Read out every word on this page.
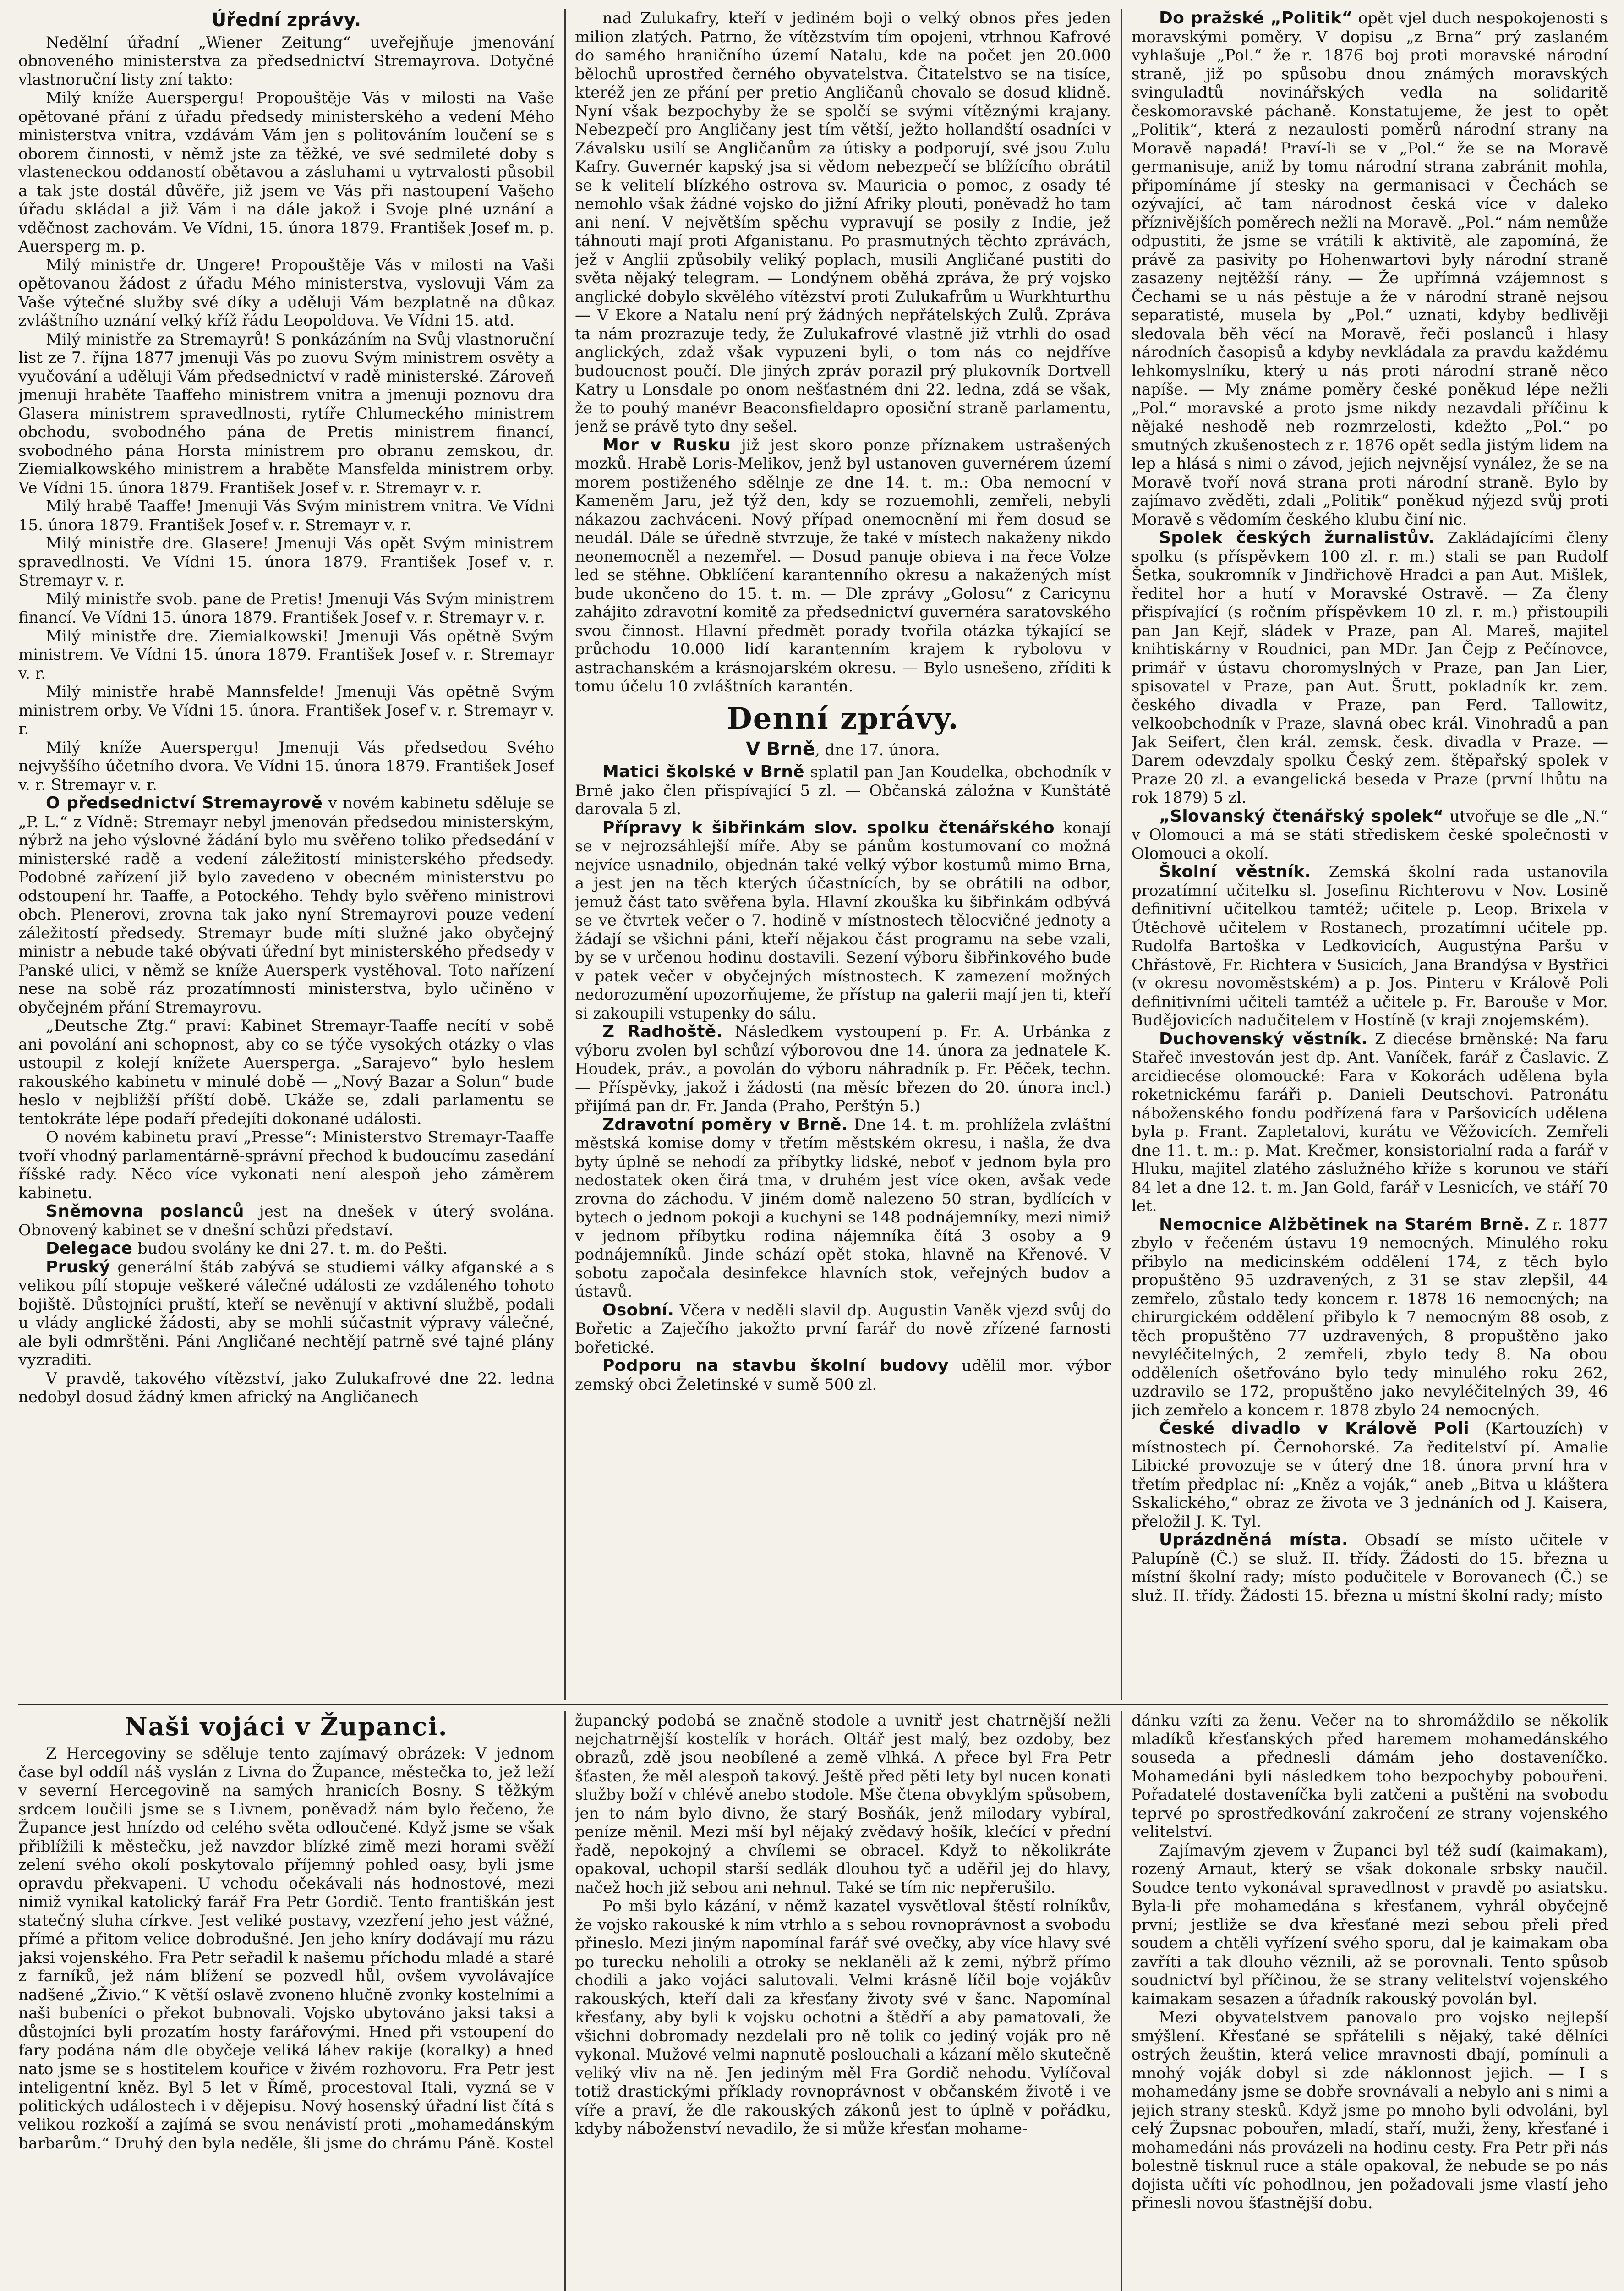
Úřední zprávy.

Nedělní úřadní „Wiener Zeitung“ uveřejňuje jmenování obnoveného ministerstva za předsednictví Stremayrova. Dotyčné vlastnoruční listy zní takto:

Milý kníže Auerspergu! Propouštěje Vás v milosti na Vaše opětované přání z úřadu předsedy ministerského a vedení Mého ministerstva vnitra, vzdávám Vám jen s politováním loučení se s oborem činnosti, v němž jste za těžké, ve své sedmileté doby s vlasteneckou oddaností obětavou a zásluhami u vytrvalosti působil a tak jste dostál důvěře, již jsem ve Vás při nastoupení Vašeho úřadu skládal a již Vám i na dále jakož i Svoje plné uznání a vděčnost zachovám. Ve Vídni, 15. února 1879. František Josef m. p. Auersperg m. p.

Milý ministře dr. Ungere! Propouštěje Vás v milosti na Vaši opětovanou žádost z úřadu Mého ministerstva, vyslovuji Vám za Vaše výtečné služby své díky a uděluji Vám bezplatně na důkaz zvláštního uznání velký kříž řádu Leopoldova. Ve Vídni 15. atd.

Milý ministře za Stremayrů! S ponkázáním na Svůj vlastnoruční list ze 7. října 1877 jmenuji Vás po zuovu Svým ministrem osvěty a vyučování a uděluji Vám předsednictví v radě ministerské. Zároveň jmenuji hraběte Taaffeho ministrem vnitra a jmenuji poznovu dra Glasera ministrem spravedlnosti, rytíře Chlumeckého ministrem obchodu, svobodného pána de Pretis ministrem financí, svobodného pána Horsta ministrem pro obranu zemskou, dr. Ziemialkowského ministrem a hraběte Mansfelda ministrem orby. Ve Vídni 15. února 1879. František Josef v. r. Stremayr v. r.

Milý hrabě Taaffe! Jmenuji Vás Svým ministrem vnitra. Ve Vídni 15. února 1879. František Josef v. r. Stremayr v. r.

Milý ministře dre. Glasere! Jmenuji Vás opět Svým ministrem spravedlnosti. Ve Vídni 15. února 1879. František Josef v. r. Stremayr v. r.

Milý ministře svob. pane de Pretis! Jmenuji Vás Svým ministrem financí. Ve Vídni 15. února 1879. František Josef v. r. Stremayr v. r.

Milý ministře dre. Ziemialkowski! Jmenuji Vás opětně Svým ministrem. Ve Vídni 15. února 1879. František Josef v. r. Stremayr v. r.

Milý ministře hrabě Mannsfelde! Jmenuji Vás opětně Svým ministrem orby. Ve Vídni 15. února. František Josef v. r. Stremayr v. r.

Milý kníže Auerspergu! Jmenuji Vás předsedou Svého nejvyššího účetního dvora. Ve Vídni 15. února 1879. František Josef v. r. Stremayr v. r.

O předsednictví Stremayrově v novém kabinetu sděluje se „P. L.“ z Vídně: Stremayr nebyl jmenován předsedou ministerským, nýbrž na jeho výslovné žádání bylo mu svěřeno toliko předsedání v ministerské radě a vedení záležitostí ministerského předsedy. Podobné zařízení již bylo zavedeno v obecném ministerstvu po odstoupení hr. Taaffe, a Potockého. Tehdy bylo svěřeno ministrovi obch. Plenerovi, zrovna tak jako nyní Stremayrovi pouze vedení záležitostí předsedy. Stremayr bude míti služné jako obyčejný ministr a nebude také obývati úřední byt ministerského předsedy v Panské ulici, v němž se kníže Auersperk vystěhoval. Toto nařízení nese na sobě ráz prozatímnosti ministerstva, bylo učiněno v obyčejném přání Stremayrovu.

„Deutsche Ztg.“ praví: Kabinet Stremayr-Taaffe necítí v sobě ani povolání ani schopnost, aby co se týče vysokých otázky o vlas ustoupil z kolejí knížete Auersperga. „Sarajevo“ bylo heslem rakouského kabinetu v minulé době — „Nový Bazar a Solun“ bude heslo v nejbližší příští době. Ukáže se, zdali parlamentu se tentokráte lépe podaří předejíti dokonané události.

O novém kabinetu praví „Presse“: Ministerstvo Stremayr-Taaffe tvoří vhodný parlamentárně-správní přechod k budoucímu zasedání říšské rady. Něco více vykonati není alespoň jeho záměrem kabinetu.

Sněmovna poslanců jest na dnešek v úterý svolána. Obnovený kabinet se v dnešní schůzi představí.

Delegace budou svolány ke dni 27. t. m. do Pešti.

Pruský generální štáb zabývá se studiemi války afganské a s velikou pílí stopuje veškeré válečné události ze vzdáleného tohoto bojiště. Důstojníci pruští, kteří se nevěnují v aktivní službě, podali u vlády anglické žádosti, aby se mohli súčastnit výpravy válečné, ale byli odmrštěni. Páni Angličané nechtějí patrně své tajné plány vyzraditi.

V pravdě, takového vítězství, jako Zulukafrové dne 22. ledna nedobyl dosud žádný kmen africký na Angličanech

nad Zulukafry, kteří v jediném boji o velký obnos přes jeden milion zlatých. Patrno, že vítězstvím tím opojeni, vtrhnou Kafrové do samého hraničního území Natalu, kde na počet jen 20.000 bělochů uprostřed černého obyvatelstva. Čitatelstvo se na tisíce, kteréž jen ze přání per pretio Angličanů chovalo se dosud klidně. Nyní však bezpochyby že se spolčí se svými vítěznými krajany. Nebezpečí pro Angličany jest tím větší, ježto hollandští osadníci v Závalsku usilí se Angličanům za útisky a podporují, své jsou Zulu Kafry. Guvernér kapský jsa si vědom nebezpečí se blížícího obrátil se k velitelí blízkého ostrova sv. Mauricia o pomoc, z osady té nemohlo však žádné vojsko do jižní Afriky plouti, poněvadž ho tam ani není. V největším spěchu vypravují se posily z Indie, jež táhnouti mají proti Afganistanu. Po prasmutných těchto zprávách, jež v Anglii způsobily veliký poplach, musili Angličané pustiti do světa nějaký telegram. — Londýnem oběhá zpráva, že prý vojsko anglické dobylo skvělého vítězství proti Zulukafrům u Wurkhturthu — V Ekore a Natalu není prý žádných nepřátelských Zulů. Zpráva ta nám prozrazuje tedy, že Zulukafrové vlastně již vtrhli do osad anglických, zdaž však vypuzeni byli, o tom nás co nejdříve budoucnost poučí. Dle jiných zpráv porazil prý plukovník Dortvell Katry u Lonsdale po onom nešťastném dni 22. ledna, zdá se však, že to pouhý manévr Beaconsfieldapro oposiční straně parlamentu, jenž se právě tyto dny sešel.

Mor v Rusku již jest skoro ponze příznakem ustrašených mozků. Hrabě Loris-Melikov, jenž byl ustanoven guvernérem území morem postiženého sdělnje ze dne 14. t. m.: Oba nemocní v Kameněm Jaru, jež týž den, kdy se rozuemohli, zemřeli, nebyli nákazou zachváceni. Nový případ onemocnění mi řem dosud se neudál. Dále se úředně stvrzuje, že také v místech nakaženy nikdo neonemocněl a nezemřel. — Dosud panuje obieva i na řece Volze led se stěhne. Obklíčení karantenního okresu a nakažených míst bude ukončeno do 15. t. m. — Dle zprávy „Golosu“ z Caricynu zahájito zdravotní komitě za předsednictví guvernéra saratovského svou činnost. Hlavní předmět porady tvořila otázka týkající se průchodu 10.000 lidí karantenním krajem k rybolovu v astrachanském a krásnojarském okresu. — Bylo usnešeno, zříditi k tomu účelu 10 zvláštních karantén.

Denní zprávy.
V Brně, dne 17. února.

Matici školské v Brně splatil pan Jan Koudelka, obchodník v Brně jako člen přispívající 5 zl. — Občanská záložna v Kunštátě darovala 5 zl.

Přípravy k šibřinkám slov. spolku čtenářského konají se v nejrozsáhlejší míře. Aby se pánům kostumovaní co možná nejvíce usnadnilo, objednán také velký výbor kostumů mimo Brna, a jest jen na těch kterých účastnících, by se obrátili na odbor, jemuž část tato svěřena byla. Hlavní zkouška ku šibřinkám odbývá se ve čtvrtek večer o 7. hodině v místnostech tělocvičné jednoty a žádají se všichni páni, kteří nějakou část programu na sebe vzali, by se v určenou hodinu dostavili. Sezení výboru šibřinkového bude v patek večer v obyčejných místnostech. K zamezení možných nedorozumění upozorňujeme, že přístup na galerii mají jen ti, kteří si zakoupili vstupenky do sálu.

Z Radhoště. Následkem vystoupení p. Fr. A. Urbánka z výboru zvolen byl schůzí výborovou dne 14. února za jednatele K. Houdek, práv., a povolán do výboru náhradník p. Fr. Pěček, techn. — Příspěvky, jakož i žádosti (na měsíc březen do 20. února incl.) přijímá pan dr. Fr. Janda (Praho, Perštýn 5.)

Zdravotní poměry v Brně. Dne 14. t. m. prohlížela zvláštní městská komise domy v třetím městském okresu, i našla, že dva byty úplně se nehodí za příbytky lidské, neboť v jednom byla pro nedostatek oken čirá tma, v druhém jest více oken, avšak vede zrovna do záchodu. V jiném domě nalezeno 50 stran, bydlících v bytech o jednom pokoji a kuchyni se 148 podnájemníky, mezi nimiž v jednom příbytku rodina nájemníka čítá 3 osoby a 9 podnájemníků. Jinde schází opět stoka, hlavně na Křenové. V sobotu započala desinfekce hlavních stok, veřejných budov a ústavů.

Osobní. Včera v neděli slavil dp. Augustin Vaněk vjezd svůj do Bořetic a Zaječího jakožto první farář do nově zřízené farnosti bořetické.

Podporu na stavbu školní budovy udělil mor. výbor zemský obci Želetinské v sumě 500 zl.

Do pražské „Politik“ opět vjel duch nespokojenosti s moravskými poměry. V dopisu „z Brna“ prý zaslaném vyhlašuje „Pol.“ že r. 1876 boj proti moravské národní straně, již po spůsobu dnou známých moravských svinguladtů novinářských vedla na solidaritě českomoravské páchaně. Konstatujeme, že jest to opět „Politik“, která z nezaulosti poměrů národní strany na Moravě napadá! Praví-li se v „Pol.“ že se na Moravě germanisuje, aniž by tomu národní strana zabránit mohla, připomínáme jí stesky na germanisaci v Čechách se ozývající, ač tam národnost česká více v daleko příznivějších poměrech nežli na Moravě. „Pol.“ nám nemůže odpustiti, že jsme se vrátili k aktivitě, ale zapomíná, že právě za pasivity po Hohenwartovi byly národní straně zasazeny nejtěžší rány. — Že upřímná vzájemnost s Čechami se u nás pěstuje a že v národní straně nejsou separatisté, musela by „Pol.“ uznati, kdyby bedlivěji sledovala běh věcí na Moravě, řeči poslanců i hlasy národních časopisů a kdyby nevkládala za pravdu každému lehkomyslníku, který u nás proti národní straně něco napíše. — My známe poměry české poněkud lépe nežli „Pol.“ moravské a proto jsme nikdy nezavdali příčinu k nějaké neshodě neb rozmrzelosti, kdežto „Pol.“ po smutných zkušenostech z r. 1876 opět sedla jistým lidem na lep a hlásá s nimi o závod, jejich nejvnějsí vynález, že se na Moravě tvoří nová strana proti národní straně. Bylo by zajímavo zvěděti, zdali „Politik“ poněkud nýjezd svůj proti Moravě s vědomím českého klubu činí nic.

Spolek českých žurnalistův. Zakládajícími členy spolku (s příspěvkem 100 zl. r. m.) stali se pan Rudolf Šetka, soukromník v Jindřichově Hradci a pan Aut. Mišlek, ředitel hor a hutí v Moravské Ostravě. — Za členy přispívající (s ročním příspěvkem 10 zl. r. m.) přistoupili pan Jan Kejř, sládek v Praze, pan Al. Mareš, majitel knihtiskárny v Roudnici, pan MDr. Jan Čejp z Pečínovce, primář v ústavu choromyslných v Praze, pan Jan Lier, spisovatel v Praze, pan Aut. Šrutt, pokladník kr. zem. českého divadla v Praze, pan Ferd. Tallowitz, velkoobchodník v Praze, slavná obec král. Vinohradů a pan Jak Seifert, člen král. zemsk. česk. divadla v Praze. — Darem odevzdaly spolku Český zem. štěpařský spolek v Praze 20 zl. a evangelická beseda v Praze (první lhůtu na rok 1879) 5 zl.

„Slovanský čtenářský spolek“ utvořuje se dle „N.“ v Olomouci a má se státi střediskem české společnosti v Olomouci a okolí.

Školní věstník. Zemská školní rada ustanovila prozatímní učitelku sl. Josefinu Richterovu v Nov. Losině definitivní učitelkou tamtéž; učitele p. Leop. Brixela v Útěchově učitelem v Rostanech, prozatímní učitele pp. Rudolfa Bartoška v Ledkovicích, Augustýna Paršu v Chřástově, Fr. Richtera v Susicích, Jana Brandýsa v Bystřici (v okresu novoměstském) a p. Jos. Pinteru v Králově Poli definitivními učiteli tamtéž a učitele p. Fr. Barouše v Mor. Budějovicích nadučitelem v Hostíně (v kraji znojemském).

Duchovenský věstník. Z diecése brněnské: Na faru Stařeč investován jest dp. Ant. Vaníček, farář z Časlavic. Z arcidiecése olomoucké: Fara v Kokorách udělena byla roketnickému faráři p. Danieli Deutschovi. Patronátu náboženského fondu podřízená fara v Paršovicích udělena byla p. Frant. Zapletalovi, kurátu ve Věžovicích. Zemřeli dne 11. t. m.: p. Mat. Krečmer, konsistorialní rada a farář v Hluku, majitel zlatého záslužného kříže s korunou ve stáří 84 let a dne 12. t. m. Jan Gold, farář v Lesnicích, ve stáří 70 let.

Nemocnice Alžbětinek na Starém Brně. Z r. 1877 zbylo v řečeném ústavu 19 nemocných. Minulého roku přibylo na medicinském oddělení 174, z těch bylo propuštěno 95 uzdravených, z 31 se stav zlepšil, 44 zemřelo, zůstalo tedy koncem r. 1878 16 nemocných; na chirurgickém oddělení přibylo k 7 nemocným 88 osob, z těch propuštěno 77 uzdravených, 8 propuštěno jako nevyléčitelných, 2 zemřeli, zbylo tedy 8. Na obou odděleních ošetřováno bylo tedy minulého roku 262, uzdravilo se 172, propuštěno jako nevyléčitelných 39, 46 jich zemřelo a koncem r. 1878 zbylo 24 nemocných.

České divadlo v Králově Poli (Kartouzích) v místnostech pí. Černohorské. Za ředitelství pí. Amalie Libické provozuje se v úterý dne 18. února první hra v třetím předplac ní: „Kněz a voják,“ aneb „Bitva u kláštera Sskalického,“ obraz ze života ve 3 jednáních od J. Kaisera, přeložil J. K. Tyl.

Uprázdněná místa. Obsadí se místo učitele v Palupíně (Č.) se služ. II. třídy. Žádosti do 15. března u místní školní rady; místo podučitele v Borovanech (Č.) se služ. II. třídy. Žádosti 15. března u místní školní rady; místo

Naši vojáci v Županci.

Z Hercegoviny se sděluje tento zajímavý obrázek: V jednom čase byl oddíl náš vyslán z Livna do Župance, městečka to, jež leží v severní Hercegovině na samých hranicích Bosny. S těžkým srdcem loučili jsme se s Livnem, poněvadž nám bylo řečeno, že Župance jest hnízdo od celého světa odloučené. Když jsme se však přiblížili k městečku, jež navzdor blízké zimě mezi horami svěží zelení svého okolí poskytovalo příjemný pohled oasy, byli jsme opravdu překvapeni. U vchodu očekávali nás hodnostové, mezi nimiž vynikal katolický farář Fra Petr Gordič. Tento františkán jest statečný sluha církve. Jest veliké postavy, vzezření jeho jest vážné, přímé a přitom velice dobrodušné. Jen jeho kníry dodávají mu rázu jaksi vojenského. Fra Petr seřadil k našemu příchodu mladé a staré z farníků, jež nám blížení se pozvedl hůl, ovšem vyvolávajíce nadšené „Živio.“ K větší oslavě zvoneno hlučně zvonky kostelními a naši bubeníci o překot bubnovali. Vojsko ubytováno jaksi taksi a důstojníci byli prozatím hosty farářovými. Hned při vstoupení do fary podána nám dle obyčeje veliká láhev rakije (koralky) a hned nato jsme se s hostitelem kouřice v živém rozhovoru. Fra Petr jest inteligentní kněz. Byl 5 let v Římě, procestoval Itali, vyzná se v politických událostech i v dějepisu. Nový hosenský úřadní list čítá s velikou rozkoší a zajímá se svou nenávistí proti „mohamedánským barbarům.“ Druhý den byla neděle, šli jsme do chrámu Páně. Kostel

župancký podobá se značně stodole a uvnitř jest chatrnější nežli nejchatrnější kostelík v horách. Oltář jest malý, bez ozdoby, bez obrazů, zdě jsou neobílené a země vlhká. A přece byl Fra Petr šťasten, že měl alespoň takový. Ještě před pěti lety byl nucen konati služby boží v chlévě anebo stodole. Mše čtena obvyklým spůsobem, jen to nám bylo divno, že starý Bosňák, jenž milodary vybíral, peníze měnil. Mezi mší byl nějaký zvědavý hošík, klečící v přední řadě, nepokojný a chvílemi se obracel. Když to několikráte opakoval, uchopil starší sedlák dlouhou tyč a uděřil jej do hlavy, načež hoch již sebou ani nehnul. Také se tím nic nepřerušilo.

Po mši bylo kázání, v němž kazatel vysvětloval štěstí rolníkův, že vojsko rakouské k nim vtrhlo a s sebou rovnoprávnost a svobodu přineslo. Mezi jiným napomínal farář své ovečky, aby více hlavy své po turecku neholili a otroky se neklaněli až k zemi, nýbrž přímo chodili a jako vojáci salutovali. Velmi krásně líčil boje vojákův rakouských, kteří dali za křesťany životy své v šanc. Napomínal křesťany, aby byli k vojsku ochotni a štědří a aby pamatovali, že všichni dobromady nezdelali pro ně tolik co jediný voják pro ně vykonal. Mužové velmi napnutě poslouchali a kázaní mělo skutečně veliký vliv na ně. Jen jediným měl Fra Gordič nehodu. Vylíčoval totiž drastickými příklady rovnoprávnost v občanském životě i ve víře a praví, že dle rakouských zákonů jest to úplně v pořádku, kdyby náboženství nevadilo, že si může křesťan mohame-

dánku vzíti za ženu. Večer na to shromáždilo se několik mladíků křesťanských před haremem mohamedánského souseda a přednesli dámám jeho dostaveníčko. Mohamedáni byli následkem toho bezpochyby pobouřeni. Pořadatelé dostaveníčka byli zatčeni a puštěni na svobodu teprvé po sprostředkování zakročení ze strany vojenského velitelství.

Zajímavým zjevem v Županci byl též sudí (kaimakam), rozený Arnaut, který se však dokonale srbsky naučil. Soudce tento vykonával spravedlnost v pravdě po asiatsku. Byla-li pře mohamedána s křesťanem, vyhrál obyčejně první; jestliže se dva křesťané mezi sebou přeli před soudem a chtěli vyřízení svého sporu, dal je kaimakam oba zavříti a tak dlouho věznili, až se porovnali. Tento spůsob soudnictví byl příčinou, že se strany velitelství vojenského kaimakam sesazen a úřadník rakouský povolán byl.

Mezi obyvatelstvem panovalo pro vojsko nejlepší smýšlení. Křesťané se spřátelili s nějaký, také dělníci ostrých žeuštin, která velice mravnosti dbají, pomínuli a mnohý voják dobyl si zde náklonnost jejich. — I s mohamedány jsme se dobře srovnávali a nebylo ani s nimi a jejich strany stesků. Když jsme po mnoho byli odvoláni, byl celý Župsnac pobouřen, mladí, staří, muži, ženy, křesťané i mohamedáni nás provázeli na hodinu cesty. Fra Petr při nás bolestně tisknul ruce a stále opakoval, že nebude se po nás dojista učíti víc pohodlnou, jen požadovali jsme vlastí jeho přinesli novou šťastnější dobu.
